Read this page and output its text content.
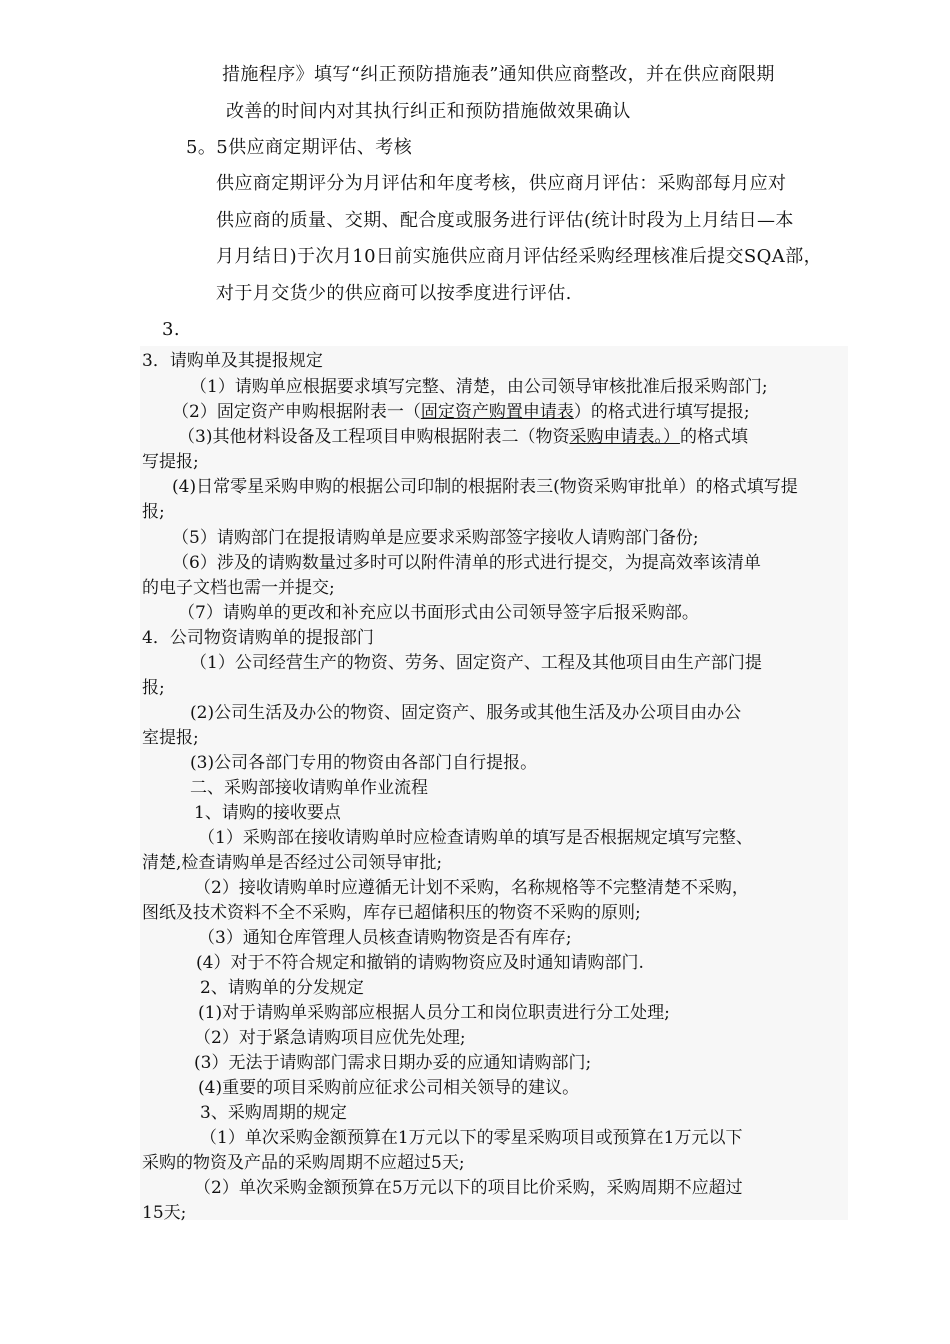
措施程序》填写“纠正预防措施表”通知供应商整改，并在供应商限期
改善的时间内对其执行纠正和预防措施做效果确认
5。5供应商定期评估、考核
供应商定期评分为月评估和年度考核，供应商月评估：采购部每月应对
供应商的质量、交期、配合度或服务进行评估(统计时段为上月结日—本
月月结日)于次月10日前实施供应商月评估经采购经理核准后提交SQA部，
对于月交货少的供应商可以按季度进行评估.
3.
3．请购单及其提报规定
（1）请购单应根据要求填写完整、清楚，由公司领导审核批准后报采购部门;
（2）固定资产申购根据附表一（固定资产购置申请表）的格式进行填写提报;
（3)其他材料设备及工程项目申购根据附表二（物资采购申请表。）的格式填
写提报;
(4)日常零星采购申购的根据公司印制的根据附表三(物资采购审批单）的格式填写提
报;
（5）请购部门在提报请购单是应要求采购部签字接收人请购部门备份;
（6）涉及的请购数量过多时可以附件清单的形式进行提交，为提高效率该清单
的电子文档也需一并提交;
（7）请购单的更改和补充应以书面形式由公司领导签字后报采购部。
4．公司物资请购单的提报部门
（1）公司经营生产的物资、劳务、固定资产、工程及其他项目由生产部门提
报;
(2)公司生活及办公的物资、固定资产、服务或其他生活及办公项目由办公
室提报;
(3)公司各部门专用的物资由各部门自行提报。
二、采购部接收请购单作业流程
1、请购的接收要点
（1）采购部在接收请购单时应检查请购单的填写是否根据规定填写完整、
清楚,检查请购单是否经过公司领导审批;
（2）接收请购单时应遵循无计划不采购，名称规格等不完整清楚不采购，
图纸及技术资料不全不采购，库存已超储积压的物资不采购的原则;
（3）通知仓库管理人员核查请购物资是否有库存;
(4）对于不符合规定和撤销的请购物资应及时通知请购部门.
2、请购单的分发规定
(1)对于请购单采购部应根据人员分工和岗位职责进行分工处理;
（2）对于紧急请购项目应优先处理;
(3）无法于请购部门需求日期办妥的应通知请购部门;
(4)重要的项目采购前应征求公司相关领导的建议。
3、采购周期的规定
（1）单次采购金额预算在1万元以下的零星采购项目或预算在1万元以下
采购的物资及产品的采购周期不应超过5天;
（2）单次采购金额预算在5万元以下的项目比价采购，采购周期不应超过
15天;
